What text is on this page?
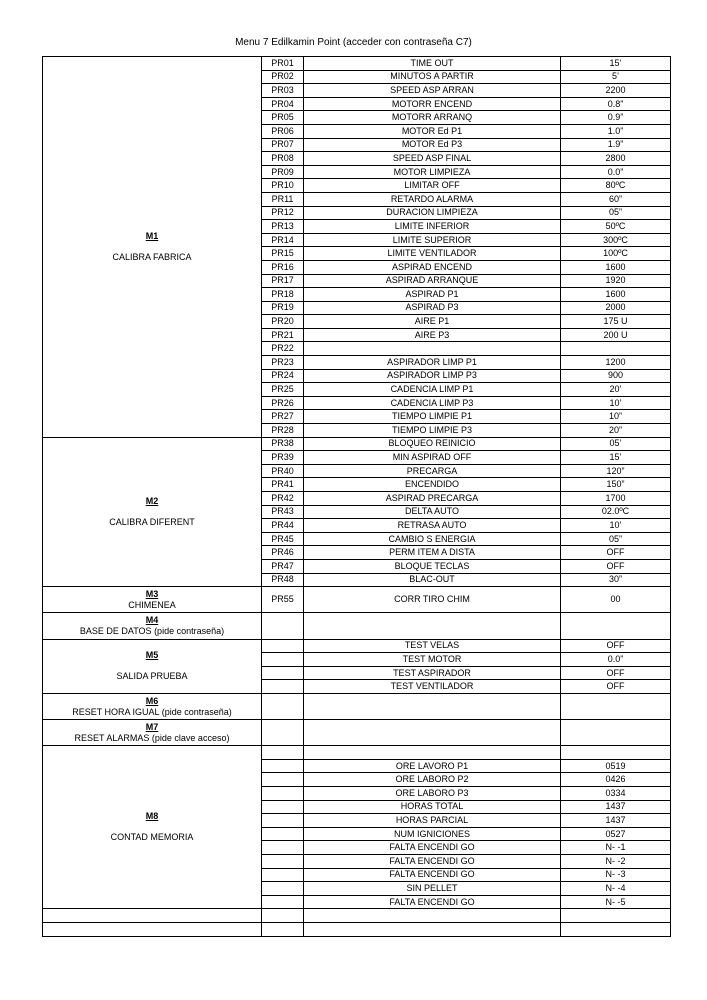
Menu 7 Edilkamin Point (acceder con contraseña C7)
M1
CALIBRA FABRICA	PR01	TIME OUT	15’
	PR02	MINUTOS A PARTIR	5’
	PR03	SPEED ASP ARRAN	2200
	PR04	MOTORR ENCEND	0.8”
	PR05	MOTORR ARRANQ	0.9”
	PR06	MOTOR Ed P1	1.0”
	PR07	MOTOR Ed P3	1.9”
	PR08	SPEED ASP FINAL	2800
	PR09	MOTOR LIMPIEZA	0.0”
	PR10	LIMITAR OFF	80ºC
	PR11	RETARDO ALARMA	60”
	PR12	DURACION LIMPIEZA	05”
	PR13	LIMITE INFERIOR	50ºC
	PR14	LIMITE SUPERIOR	300ºC
	PR15	LIMITE VENTILADOR	100ºC
	PR16	ASPIRAD ENCEND	1600
	PR17	ASPIRAD ARRANQUE	1920
	PR18	ASPIRAD P1	1600
	PR19	ASPIRAD P3	2000
	PR20	AIRE P1	175 U
	PR21	AIRE P3	200 U
	PR22		
	PR23	ASPIRADOR LIMP P1	1200
	PR24	ASPIRADOR LIMP P3	900
	PR25	CADENCIA LIMP P1	20’
	PR26	CADENCIA LIMP P3	10’
	PR27	TIEMPO LIMPIE P1	10”
	PR28	TIEMPO LIMPIE P3	20”

M2
CALIBRA DIFERENT	PR38	BLOQUEO REINICIO	05’
	PR39	MIN ASPIRAD OFF	15’
	PR40	PRECARGA	120”
	PR41	ENCENDIDO	150”
	PR42	ASPIRAD PRECARGA	1700
	PR43	DELTA AUTO	02.0ºC
	PR44	RETRASA AUTO	10’
	PR45	CAMBIO S ENERGIA	05”
	PR46	PERM ITEM A DISTA	OFF
	PR47	BLOQUE TECLAS	OFF
	PR48	BLAC-OUT	30”

M3
CHIMENEA	PR55	CORR TIRO CHIM	00

M4
BASE DE DATOS (pide contraseña)			

M5
SALIDA PRUEBA		TEST VELAS	OFF
		TEST MOTOR	0.0”
		TEST ASPIRADOR	OFF
		TEST VENTILADOR	OFF

M6
RESET HORA IGUAL (pide contraseña)			

M7
RESET ALARMAS (pide clave acceso)			

M8
CONTAD MEMORIA			

		ORE LAVORO P1	0519
		ORE LABORO P2	0426
		ORE LABORO P3	0334
		HORAS TOTAL	1437
		HORAS PARCIAL	1437
		NUM IGNICIONES	0527
		FALTA ENCENDI GO	N- -1
		FALTA ENCENDI GO	N- -2
		FALTA ENCENDI GO	N- -3
		SIN PELLET	N- -4
		FALTA ENCENDI GO	N- -5
